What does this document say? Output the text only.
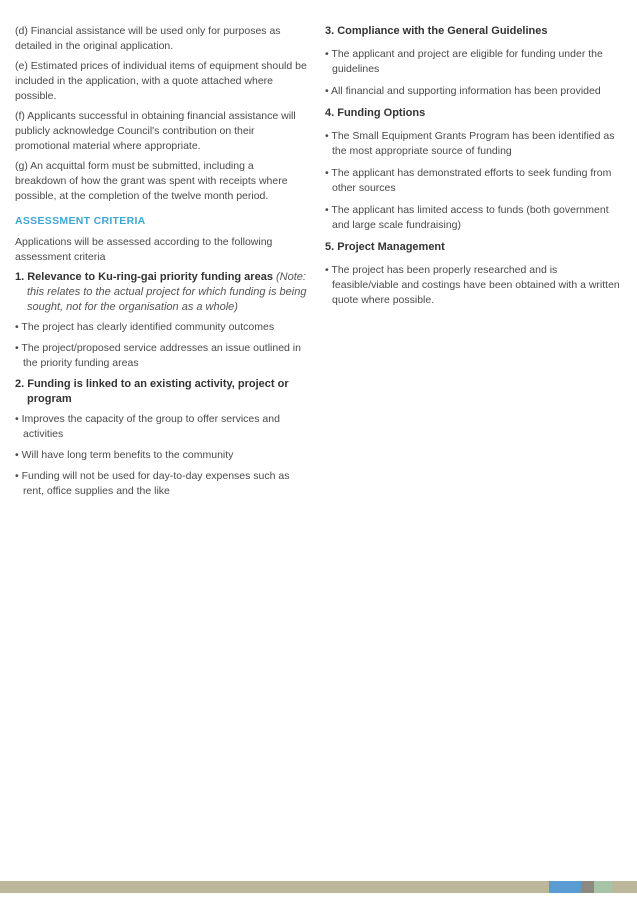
(d) Financial assistance will be used only for purposes as detailed in the original application.

(e) Estimated prices of individual items of equipment should be included in the application, with a quote attached where possible.

(f) Applicants successful in obtaining financial assistance will publicly acknowledge Council's contribution on their promotional material where appropriate.

(g) An acquittal form must be submitted, including a breakdown of how the grant was spent with receipts where possible, at the completion of the twelve month period.

ASSESSMENT CRITERIA

Applications will be assessed according to the following assessment criteria

1. Relevance to Ku-ring-gai priority funding areas (Note: this relates to the actual project for which funding is being sought, not for the organisation as a whole)

• The project has clearly identified community outcomes

• The project/proposed service addresses an issue outlined in the priority funding areas

2. Funding is linked to an existing activity, project or program

• Improves the capacity of the group to offer services and activities

• Will have long term benefits to the community

• Funding will not be used for day-to-day expenses such as rent, office supplies and the like

3. Compliance with the General Guidelines

• The applicant and project are eligible for funding under the guidelines

• All financial and supporting information has been provided

4. Funding Options

• The Small Equipment Grants Program has been identified as the most appropriate source of funding

• The applicant has demonstrated efforts to seek funding from other sources

• The applicant has limited access to funds (both government and large scale fundraising)

5. Project Management

• The project has been properly researched and is feasible/viable and costings have been obtained with a written quote where possible.
